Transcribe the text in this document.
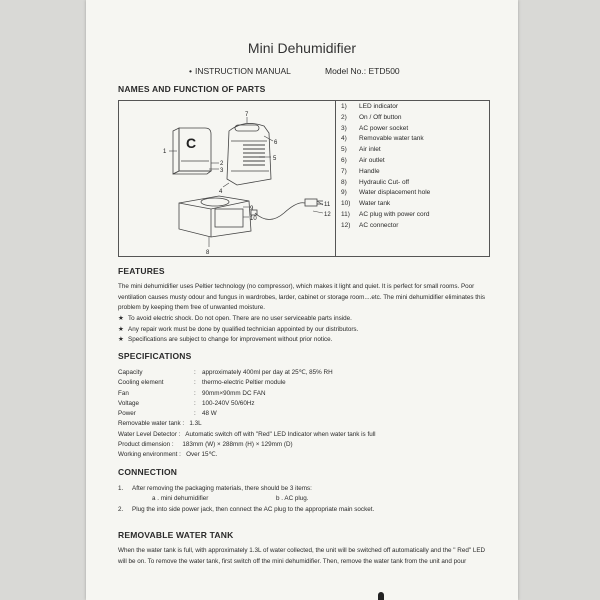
Mini Dehumidifier
• INSTRUCTION MANUAL	Model No.: ETD500
NAMES AND FUNCTION OF PARTS
C
1
2
3
4
5
6
7
8
9
10
11
12
1) LED indicator
2) On / Off button
3) AC power socket
4) Removable water tank
5) Air inlet
6) Air outlet
7) Handle
8) Hydraulic Cut- off
9) Water displacement hole
10) Water tank
11) AC plug with power cord
12) AC connector
FEATURES

The mini dehumidifier uses Peltier technology (no compressor), which makes it light and quiet. It is perfect for small rooms. Poor ventilation causes musty odour and fungus in wardrobes, larder, cabinet or storage room....etc. The mini dehumidifier eliminates this problem by keeping them free of unwanted moisture.

★ To avoid electric shock. Do not open. There are no user serviceable parts inside.
★ Any repair work must be done by qualified technician appointed by our distributors.
★ Specifications are subject to change for improvement without prior notice.
SPECIFICATIONS
Capacity	: approximately 400ml per day at 25℃, 85% RH
Cooling element	: thermo-electric Peltier module
Fan	: 90mm×90mm DC FAN
Voltage	: 100-240V 50/60Hz
Power	: 48 W
Removable water tank :   1.3L
Water Level Detector :   Automatic switch off with "Red" LED Indicator when water tank is full
Product dimension :     183mm (W) × 288mm (H) × 129mm (D)
Working environment :   Over 15℃.
CONNECTION
1. After removing the packaging materials, there should be 3 items:
a . mini dehumidifier	b . AC plug.
2. Plug the into side power jack, then connect the AC plug to the appropriate main socket.
REMOVABLE WATER TANK

When the water tank is full, with approximately 1.3L of water collected, the unit will be switched off automatically and the " Red" LED will be on. To remove the water tank, first switch off the mini dehumidifier. Then, remove the water tank from the unit and pour
